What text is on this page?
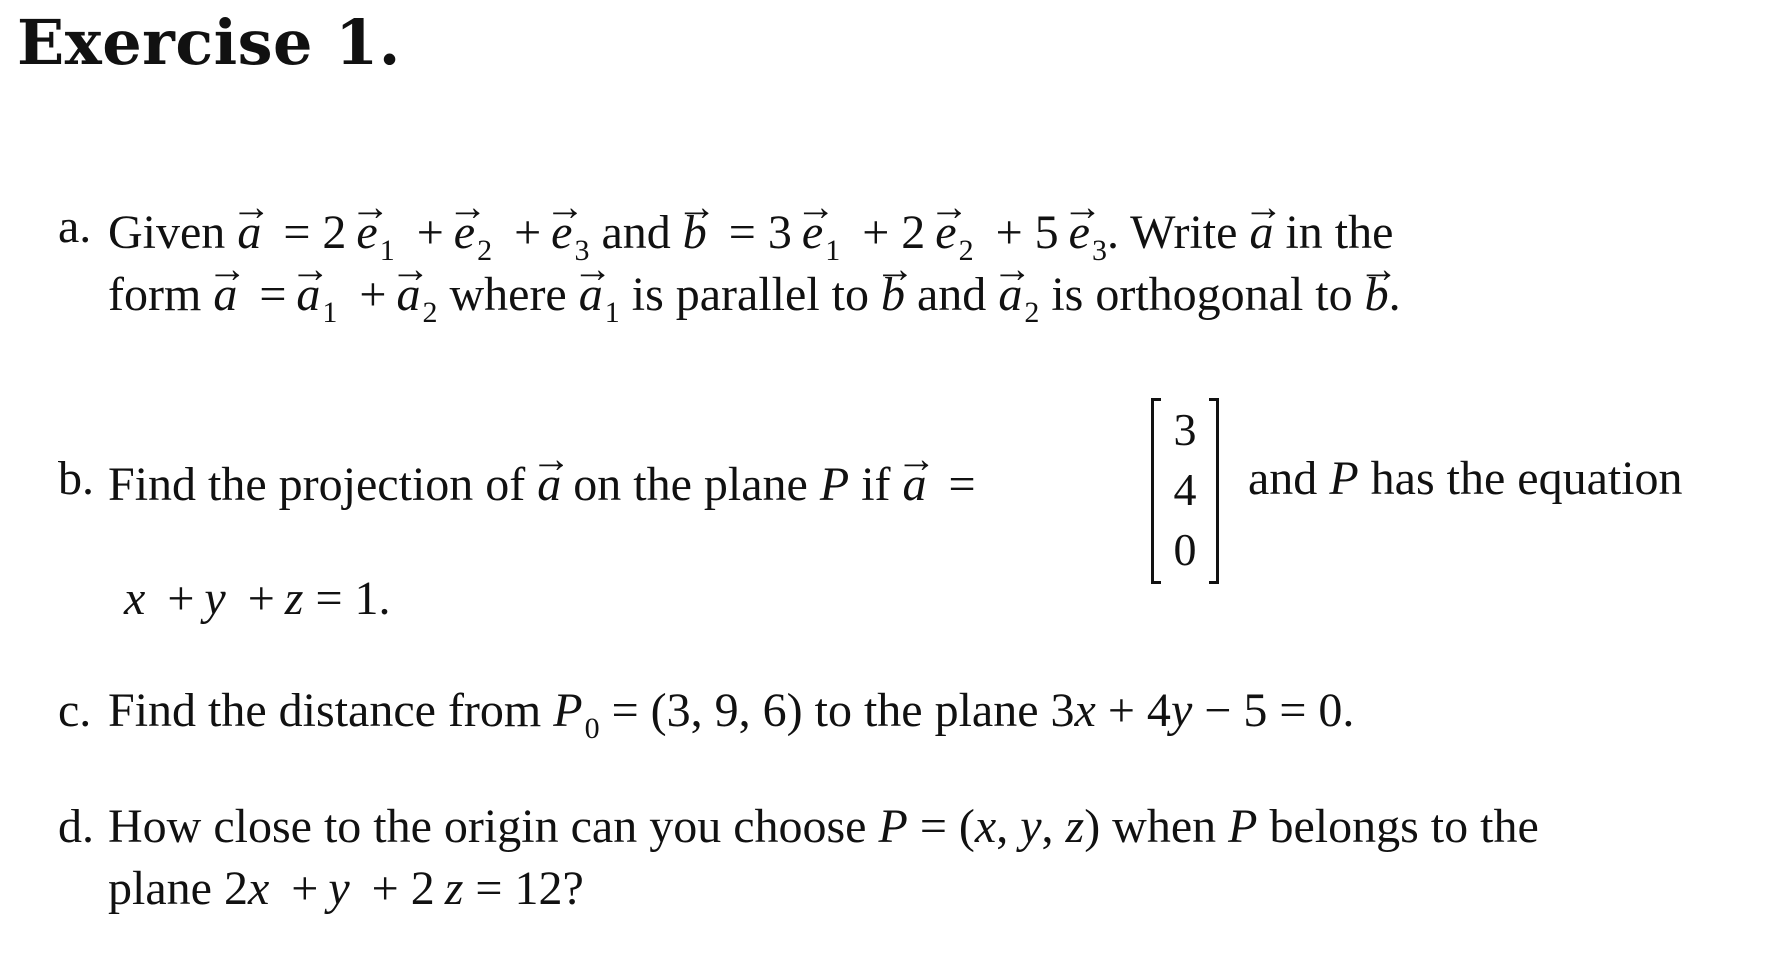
Exercise 1.
a. Given → $a = 2\to e_1 +\to e_2 +\to e_3$ and → $b = 3\to e_1 + 2\to e_2 + 5\to e_3$. Write → a in the
form → $a =\to a_1 +\to a_2$ where → $a_1$ is parallel to → b and → $a_2$ is orthogonal to → b.
b. Find the projection of → a on the plane P if → a =	and P has the equation
x + y + z = 1.
3
4
0
c. Find the distance from $P_0 = (3$, 9, 6) to the plane 3x + 4y − 5 = 0.
d. How close to the origin can you choose P = (x, y, z) when P belongs to the
plane 2x + y + 2 z = 12?
